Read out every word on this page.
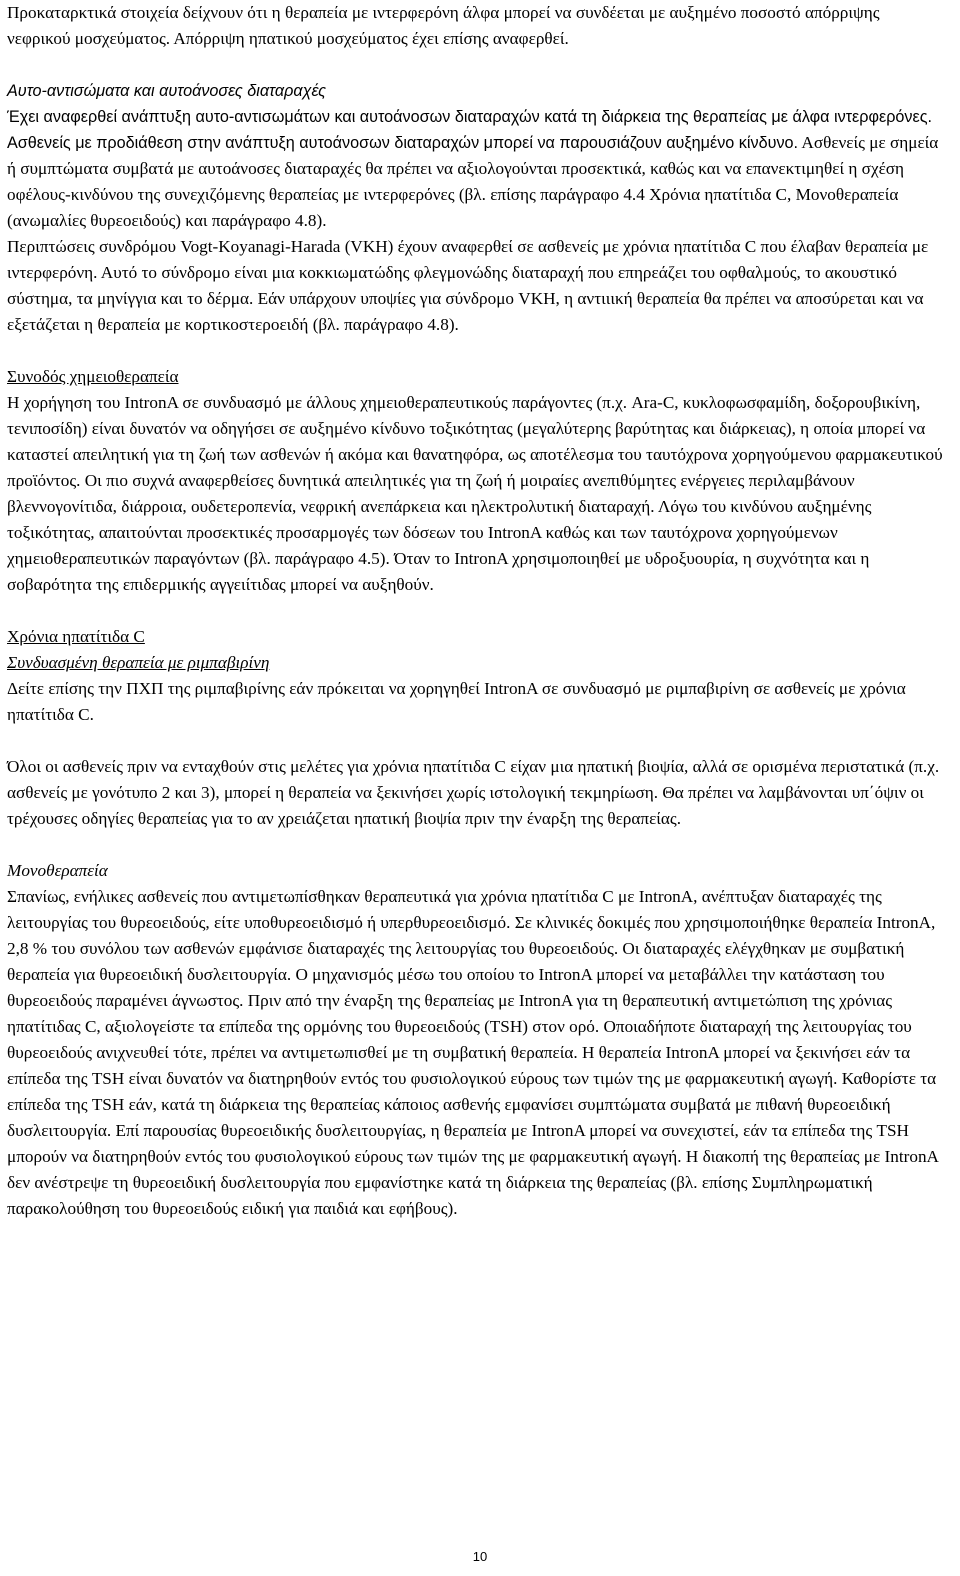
Προκαταρκτικά στοιχεία δείχνουν ότι η θεραπεία με ιντερφερόνη άλφα μπορεί να συνδέεται με αυξημένο ποσοστό απόρριψης νεφρικού μοσχεύματος. Απόρριψη ηπατικού μοσχεύματος έχει επίσης αναφερθεί.

Αυτο-αντισώματα και αυτοάνοσες διαταραχές

Έχει αναφερθεί ανάπτυξη αυτο-αντισωμάτων και αυτοάνοσων διαταραχών κατά τη διάρκεια της θεραπείας με άλφα ιντερφερόνες. Ασθενείς με προδιάθεση στην ανάπτυξη αυτοάνοσων διαταραχών μπορεί να παρουσιάζουν αυξημένο κίνδυνο. Ασθενείς με σημεία ή συμπτώματα συμβατά με αυτοάνοσες διαταραχές θα πρέπει να αξιολογούνται προσεκτικά, καθώς και να επανεκτιμηθεί η σχέση οφέλους-κινδύνου της συνεχιζόμενης θεραπείας με ιντερφερόνες (βλ. επίσης παράγραφο 4.4 Χρόνια ηπατίτιδα C, Μονοθεραπεία (ανωμαλίες θυρεοειδούς) και παράγραφο 4.8).

Περιπτώσεις συνδρόμου Vogt-Koyanagi-Harada (VKH) έχουν αναφερθεί σε ασθενείς με χρόνια ηπατίτιδα C που έλαβαν θεραπεία με ιντερφερόνη. Αυτό το σύνδρομο είναι μια κοκκιωματώδης φλεγμονώδης διαταραχή που επηρεάζει του οφθαλμούς, το ακουστικό σύστημα, τα μηνίγγια και το δέρμα. Εάν υπάρχουν υποψίες για σύνδρομο VKH, η αντιιική θεραπεία θα πρέπει να αποσύρεται και να εξετάζεται η θεραπεία με κορτικοστεροειδή (βλ. παράγραφο 4.8).

Συνοδός χημειοθεραπεία

Η χορήγηση του IntronA σε συνδυασμό με άλλους χημειοθεραπευτικούς παράγοντες (π.χ. Ara-C, κυκλοφωσφαμίδη, δοξορουβικίνη, τενιποσίδη) είναι δυνατόν να οδηγήσει σε αυξημένο κίνδυνο τοξικότητας (μεγαλύτερης βαρύτητας και διάρκειας), η οποία μπορεί να καταστεί απειλητική για τη ζωή των ασθενών ή ακόμα και θανατηφόρα, ως αποτέλεσμα του ταυτόχρονα χορηγούμενου φαρμακευτικού προϊόντος. Οι πιο συχνά αναφερθείσες δυνητικά απειλητικές για τη ζωή ή μοιραίες ανεπιθύμητες ενέργειες περιλαμβάνουν βλεννογονίτιδα, διάρροια, ουδετεροπενία, νεφρική ανεπάρκεια και ηλεκτρολυτική διαταραχή. Λόγω του κινδύνου αυξημένης τοξικότητας, απαιτούνται προσεκτικές προσαρμογές των δόσεων του IntronA καθώς και των ταυτόχρονα χορηγούμενων χημειοθεραπευτικών παραγόντων (βλ. παράγραφο 4.5). Όταν το IntronA χρησιμοποιηθεί με υδροξυουρία, η συχνότητα και η σοβαρότητα της επιδερμικής αγγειίτιδας μπορεί να αυξηθούν.

Χρόνια ηπατίτιδα C

Συνδυασμένη θεραπεία με ριμπαβιρίνη

Δείτε επίσης την ΠΧΠ της ριμπαβιρίνης εάν πρόκειται να χορηγηθεί IntronA σε συνδυασμό με ριμπαβιρίνη σε ασθενείς με χρόνια ηπατίτιδα C.

Όλοι οι ασθενείς πριν να ενταχθούν στις μελέτες για χρόνια ηπατίτιδα C είχαν μια ηπατική βιοψία, αλλά σε ορισμένα περιστατικά (π.χ. ασθενείς με γονότυπο 2 και 3), μπορεί η θεραπεία να ξεκινήσει χωρίς ιστολογική τεκμηρίωση. Θα πρέπει να λαμβάνονται υπ΄όψιν οι τρέχουσες οδηγίες θεραπείας για το αν χρειάζεται ηπατική βιοψία πριν την έναρξη της θεραπείας.

Μονοθεραπεία

Σπανίως, ενήλικες ασθενείς που αντιμετωπίσθηκαν θεραπευτικά για χρόνια ηπατίτιδα C με IntronA, ανέπτυξαν διαταραχές της λειτουργίας του θυρεοειδούς, είτε υποθυρεοειδισμό ή υπερθυρεοειδισμό. Σε κλινικές δοκιμές που χρησιμοποιήθηκε θεραπεία IntronA, 2,8 % του συνόλου των ασθενών εμφάνισε διαταραχές της λειτουργίας του θυρεοειδούς. Οι διαταραχές ελέγχθηκαν με συμβατική θεραπεία για θυρεοειδική δυσλειτουργία. Ο μηχανισμός μέσω του οποίου το IntronA μπορεί να μεταβάλλει την κατάσταση του θυρεοειδούς παραμένει άγνωστος. Πριν από την έναρξη της θεραπείας με IntronA για τη θεραπευτική αντιμετώπιση της χρόνιας ηπατίτιδας C, αξιολογείστε τα επίπεδα της ορμόνης του θυρεοειδούς (TSH) στον ορό. Οποιαδήποτε διαταραχή της λειτουργίας του θυρεοειδούς ανιχνευθεί τότε, πρέπει να αντιμετωπισθεί με τη συμβατική θεραπεία. Η θεραπεία IntronA μπορεί να ξεκινήσει εάν τα επίπεδα της TSH είναι δυνατόν να διατηρηθούν εντός του φυσιολογικού εύρους των τιμών της με φαρμακευτική αγωγή. Καθορίστε τα επίπεδα της TSH εάν, κατά τη διάρκεια της θεραπείας κάποιος ασθενής εμφανίσει συμπτώματα συμβατά με πιθανή θυρεοειδική δυσλειτουργία. Επί παρουσίας θυρεοειδικής δυσλειτουργίας, η θεραπεία με IntronA μπορεί να συνεχιστεί, εάν τα επίπεδα της TSH μπορούν να διατηρηθούν εντός του φυσιολογικού εύρους των τιμών της με φαρμακευτική αγωγή. Η διακοπή της θεραπείας με IntronA δεν ανέστρεψε τη θυρεοειδική δυσλειτουργία που εμφανίστηκε κατά τη διάρκεια της θεραπείας (βλ. επίσης Συμπληρωματική παρακολούθηση του θυρεοειδούς ειδική για παιδιά και εφήβους).

10
